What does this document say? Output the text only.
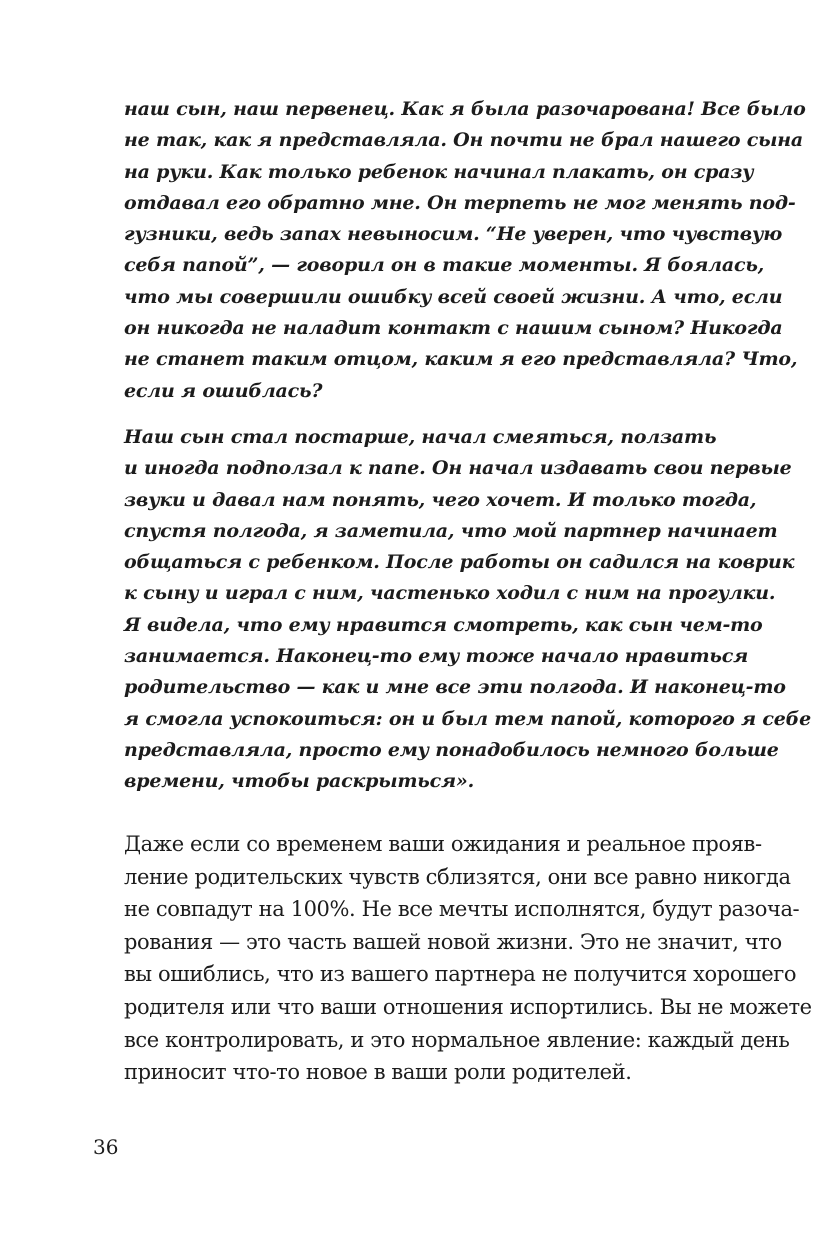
наш сын, наш первенец. Как я была разочарована! Все было
не так, как я представляла. Он почти не брал нашего сына
на руки. Как только ребенок начинал плакать, он сразу
отдавал его обратно мне. Он терпеть не мог менять под-
гузники, ведь запах невыносим. “Не уверен, что чувствую
себя папой”, — говорил он в такие моменты. Я боялась,
что мы совершили ошибку всей своей жизни. А что, если
он никогда не наладит контакт с нашим сыном? Никогда
не станет таким отцом, каким я его представляла? Что,
если я ошиблась?
Наш сын стал постарше, начал смеяться, ползать
и иногда подползал к папе. Он начал издавать свои первые
звуки и давал нам понять, чего хочет. И только тогда,
спустя полгода, я заметила, что мой партнер начинает
общаться с ребенком. После работы он садился на коврик
к сыну и играл с ним, частенько ходил с ним на прогулки.
Я видела, что ему нравится смотреть, как сын чем-то
занимается. Наконец-то ему тоже начало нравиться
родительство — как и мне все эти полгода. И наконец-то
я смогла успокоиться: он и был тем папой, которого я себе
представляла, просто ему понадобилось немного больше
времени, чтобы раскрыться».
Даже если со временем ваши ожидания и реальное прояв-
ление родительских чувств сблизятся, они все равно никогда
не совпадут на 100%. Не все мечты исполнятся, будут разоча-
рования — это часть вашей новой жизни. Это не значит, что
вы ошиблись, что из вашего партнера не получится хорошего
родителя или что ваши отношения испортились. Вы не можете
все контролировать, и это нормальное явление: каждый день
приносит что-то новое в ваши роли родителей.
36
